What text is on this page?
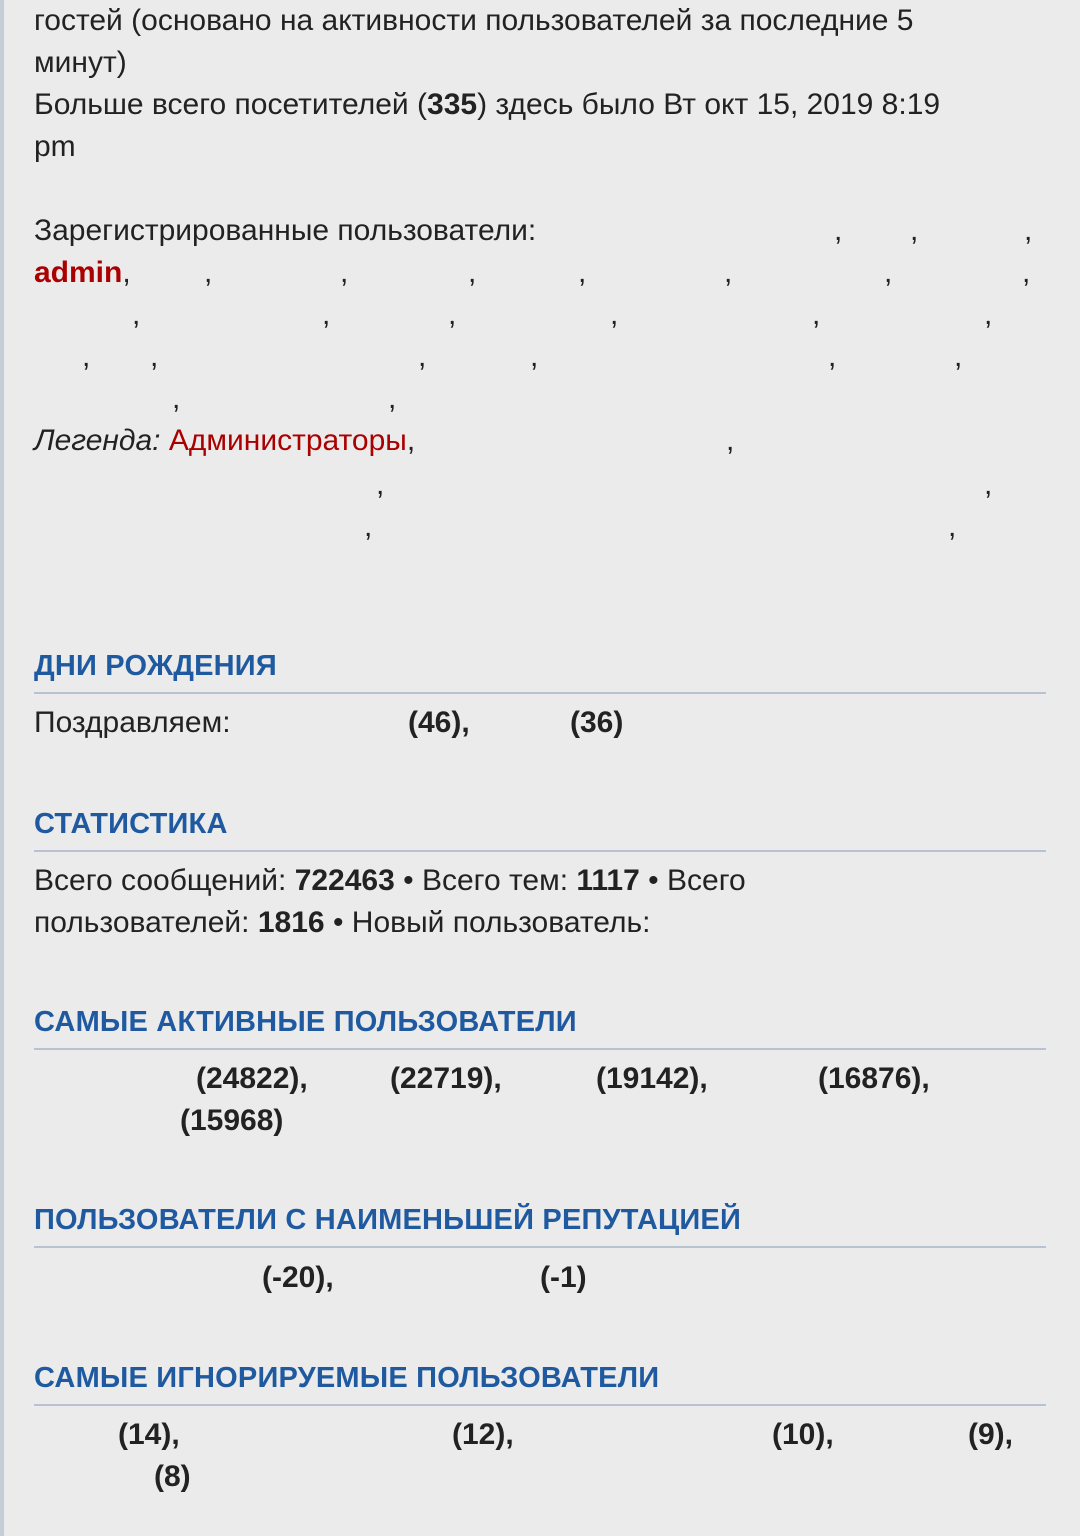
гостей (основано на активности пользователей за последние 5
минут)
Больше всего посетителей (335) здесь было Вт окт 15, 2019 8:19
pm
Зарегистрированные пользователи:	, ,	,
admin, ,	,	,	,	,	,	,
,	,	,	,	,	,
, ,	,	,	,	,
,	,
Легенда: Администраторы,	,
,	,
,	,
ДНИ РОЖДЕНИЯ
Поздравляем:	(46),	(36)
СТАТИСТИКА
Всего сообщений: 722463 • Всего тем: 1117 • Всего
пользователей: 1816 • Новый пользователь:
САМЫЕ АКТИВНЫЕ ПОЛЬЗОВАТЕЛИ
(24822),	(22719),	(19142),	(16876),
(15968)
ПОЛЬЗОВАТЕЛИ С НАИМЕНЬШЕЙ РЕПУТАЦИЕЙ
(-20),	(-1)
САМЫЕ ИГНОРИРУЕМЫЕ ПОЛЬЗОВАТЕЛИ
(14),	(12),	(10),	(9),
(8)
